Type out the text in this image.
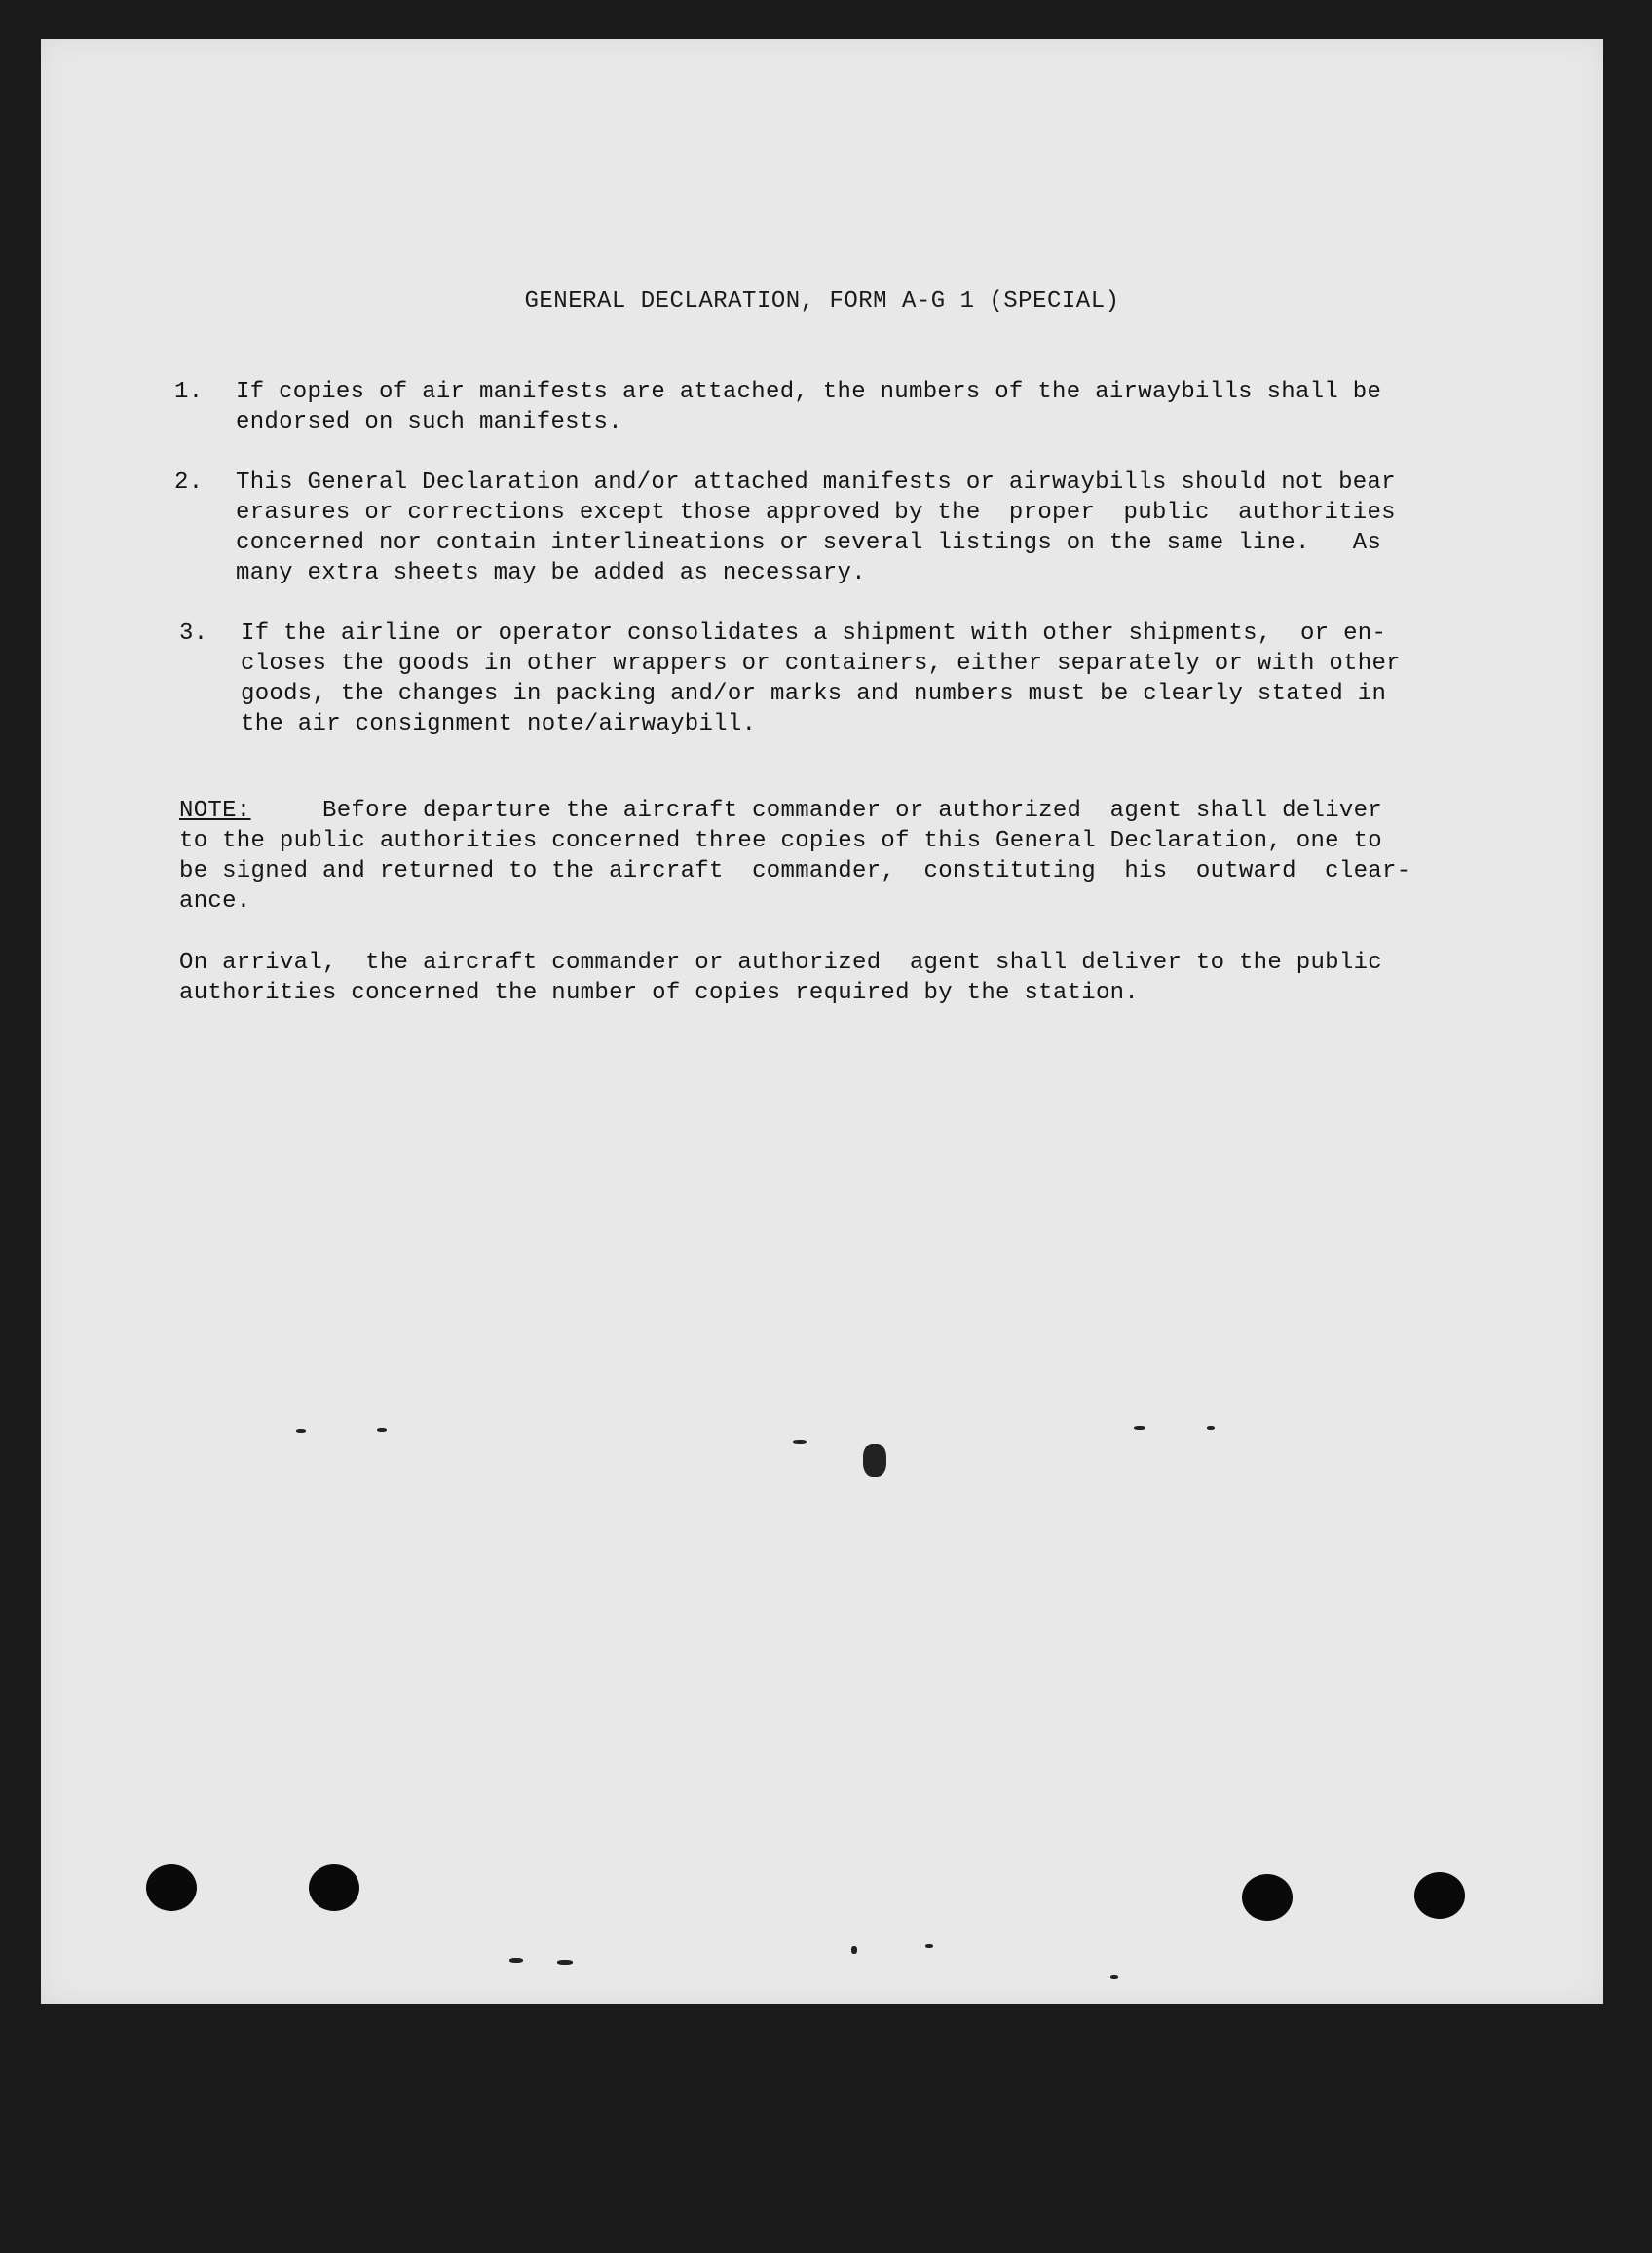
GENERAL DECLARATION, FORM A-G 1 (SPECIAL)
1. If copies of air manifests are attached, the numbers of the airwaybills shall be
endorsed on such manifests.
2. This General Declaration and/or attached manifests or airwaybills should not bear
erasures or corrections except those approved by the  proper  public  authorities
concerned nor contain interlineations or several listings on the same line.   As
many extra sheets may be added as necessary.
3. If the airline or operator consolidates a shipment with other shipments,  or en-
closes the goods in other wrappers or containers, either separately or with other
goods, the changes in packing and/or marks and numbers must be clearly stated in
the air consignment note/airwaybill.
NOTE:     Before departure the aircraft commander or authorized  agent shall deliver
to the public authorities concerned three copies of this General Declaration, one to
be signed and returned to the aircraft  commander,  constituting  his  outward  clear-
ance.
On arrival,  the aircraft commander or authorized  agent shall deliver to the public
authorities concerned the number of copies required by the station.
